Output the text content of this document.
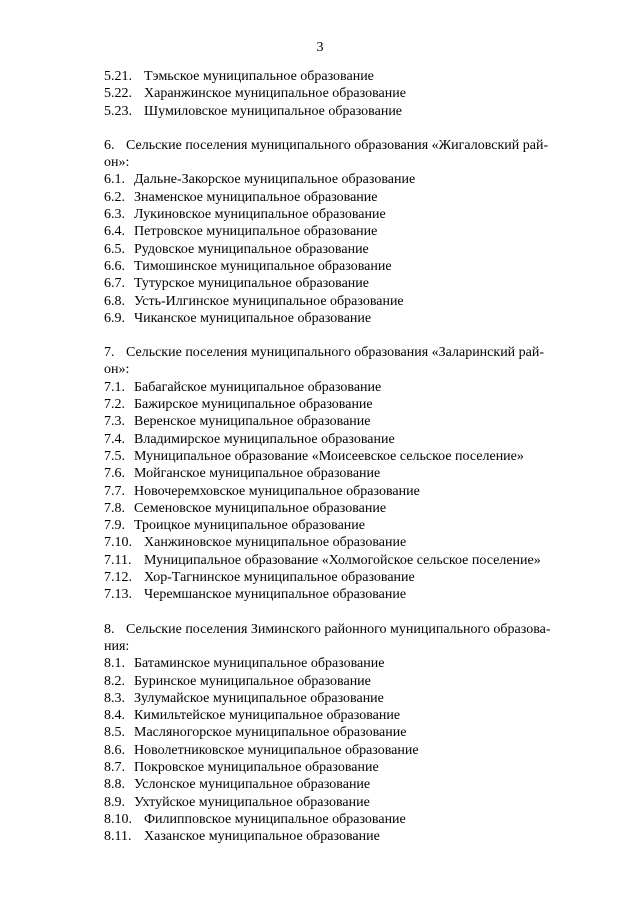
3
5.21. Тэмьское муниципальное образование
5.22. Харанжинское муниципальное образование
5.23. Шумиловское муниципальное образование
6. Сельские поселения муниципального образования «Жигаловский рай-
он»:
6.1. Дальне-Закорское муниципальное образование
6.2. Знаменское муниципальное образование
6.3. Лукиновское муниципальное образование
6.4. Петровское муниципальное образование
6.5. Рудовское муниципальное образование
6.6. Тимошинское муниципальное образование
6.7. Тутурское муниципальное образование
6.8. Усть-Илгинское муниципальное образование
6.9. Чиканское муниципальное образование
7. Сельские поселения муниципального образования «Заларинский рай-
он»:
7.1. Бабагайское муниципальное образование
7.2. Бажирское муниципальное образование
7.3. Веренское муниципальное образование
7.4. Владимирское муниципальное образование
7.5. Муниципальное образование «Моисеевское сельское поселение»
7.6. Мойганское муниципальное образование
7.7. Новочеремховское муниципальное образование
7.8. Семеновское муниципальное образование
7.9. Троицкое муниципальное образование
7.10. Ханжиновское муниципальное образование
7.11. Муниципальное образование «Холмогойское сельское поселение»
7.12. Хор-Тагнинское муниципальное образование
7.13. Черемшанское муниципальное образование
8. Сельские поселения Зиминского районного муниципального образова-
ния:
8.1. Батаминское муниципальное образование
8.2. Буринское муниципальное образование
8.3. Зулумайское муниципальное образование
8.4. Кимильтейское муниципальное образование
8.5. Масляногорское муниципальное образование
8.6. Новолетниковское муниципальное образование
8.7. Покровское муниципальное образование
8.8. Услонское муниципальное образование
8.9. Ухтуйское муниципальное образование
8.10. Филипповское муниципальное образование
8.11. Хазанское муниципальное образование
